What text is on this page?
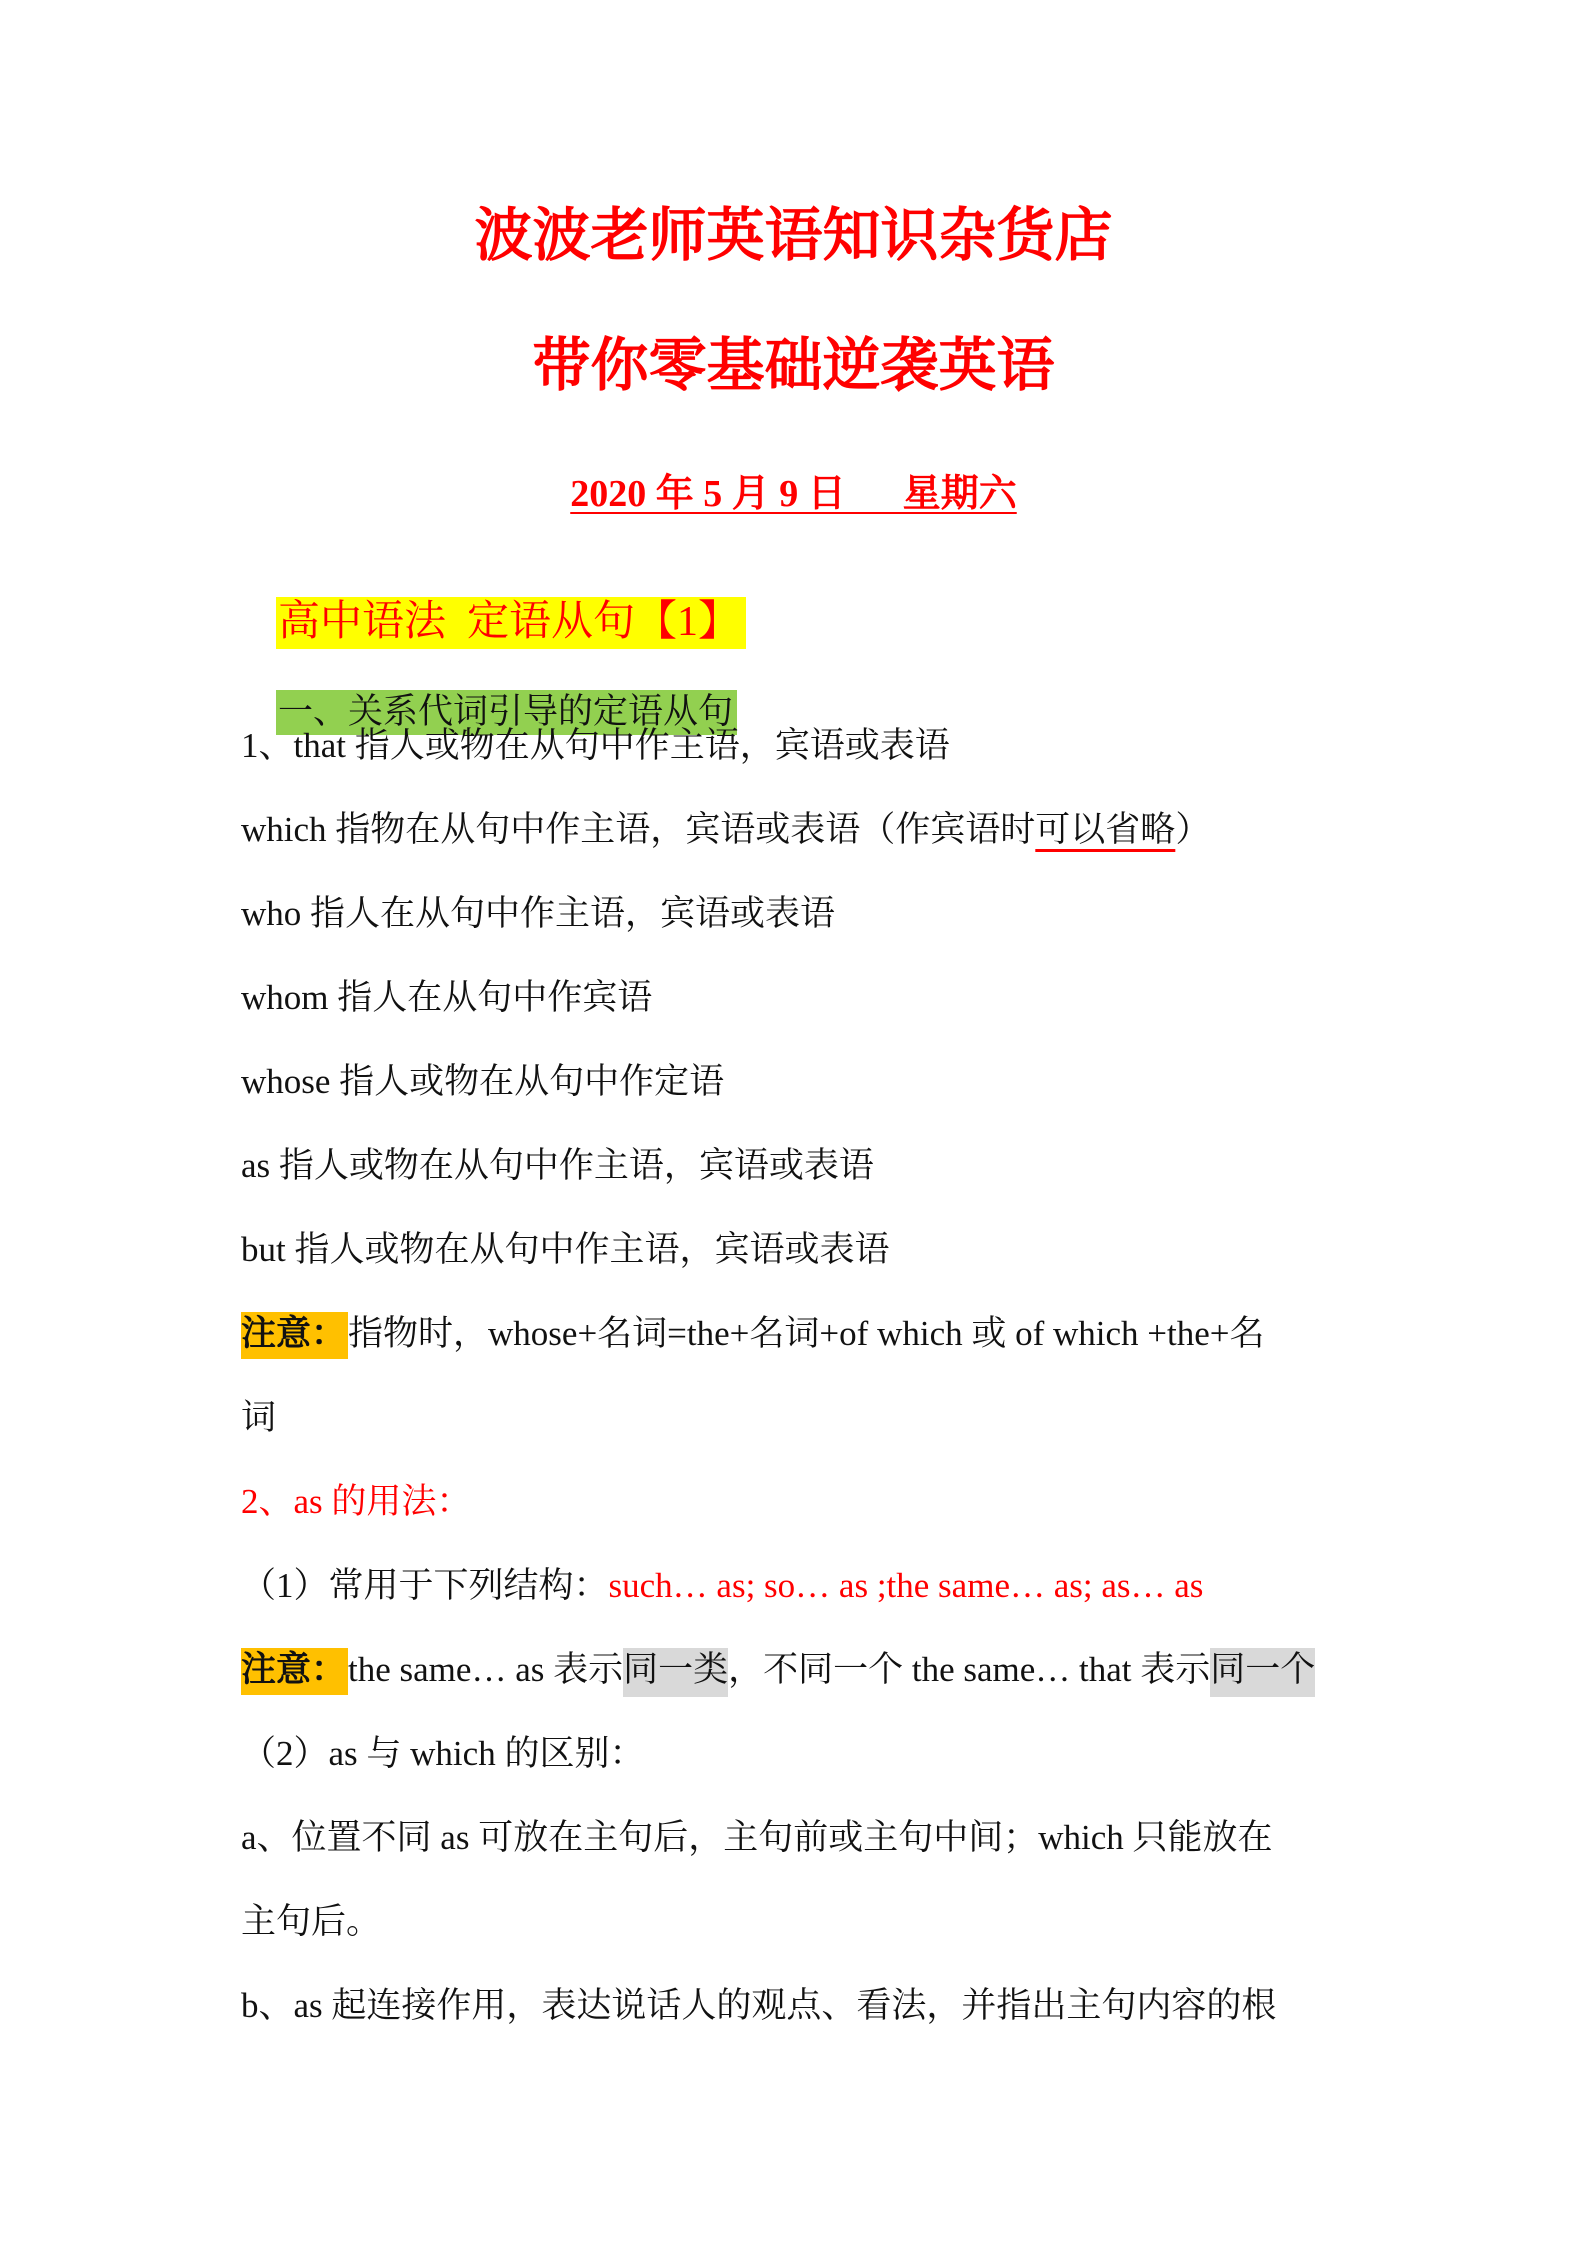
波波老师英语知识杂货店
带你零基础逆袭英语
2020 年 5 月 9 日      星期六

高中语法  定语从句【1】

一、关系代词引导的定语从句

1、that 指人或物在从句中作主语，宾语或表语
which 指物在从句中作主语，宾语或表语（作宾语时可以省略）
who 指人在从句中作主语，宾语或表语
whom 指人在从句中作宾语
whose 指人或物在从句中作定语
as 指人或物在从句中作主语，宾语或表语
but 指人或物在从句中作主语，宾语或表语
注意：指物时，whose+名词=the+名词+of which 或 of which +the+名
词
2、as 的用法：
（1）常用于下列结构：such… as; so… as ;the same… as; as… as
注意：the same… as 表示同一类，不同一个 the same… that 表示同一个
（2）as 与 which 的区别：
a、位置不同 as 可放在主句后，主句前或主句中间；which 只能放在
主句后。
b、as 起连接作用，表达说话人的观点、看法，并指出主句内容的根
